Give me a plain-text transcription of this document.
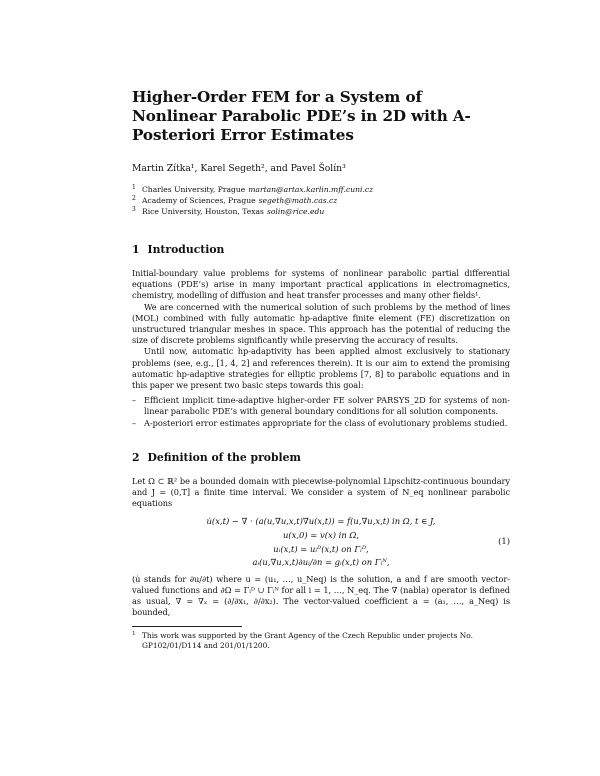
Higher-Order FEM for a System of Nonlinear Parabolic PDE’s in 2D with A-Posteriori Error Estimates
Martin Zítka¹, Karel Segeth², and Pavel Šolín³
1 Charles University, Prague martan@artax.karlin.mff.cuni.cz
2 Academy of Sciences, Prague segeth@math.cas.cz
3 Rice University, Houston, Texas solin@rice.edu
1 Introduction

Initial-boundary value problems for systems of nonlinear parabolic partial differential equations (PDE’s) arise in many important practical applications in electromagnetics, chemistry, modelling of diffusion and heat transfer processes and many other fields¹.

We are concerned with the numerical solution of such problems by the method of lines (MOL) combined with fully automatic hp-adaptive finite element (FE) discretization on unstructured triangular meshes in space. This approach has the potential of reducing the size of discrete problems significantly while preserving the accuracy of results.

Until now, automatic hp-adaptivity has been applied almost exclusively to stationary problems (see, e.g., [1, 4, 2] and references therein). It is our aim to extend the promising automatic hp-adaptive strategies for elliptic problems [7, 8] to parabolic equations and in this paper we present two basic steps towards this goal:

– Efficient implicit time-adaptive higher-order FE solver PARSYS_2D for systems of non-linear parabolic PDE’s with general boundary conditions for all solution components.
– A-posteriori error estimates appropriate for the class of evolutionary problems studied.
2 Definition of the problem

Let Ω ⊂ ℝ² be a bounded domain with piecewise-polynomial Lipschitz-continuous boundary and J = (0,T] a finite time interval. We consider a system of N_eq nonlinear parabolic equations

u̇(x,t) − ∇ · (a(u,∇u,x,t)∇u(x,t)) = f(u,∇u,x,t) in Ω, t ∈ J,
u(x,0) = v(x) in Ω,
uᵢ(x,t) = uᵢᴰ(x,t) on Γᵢᴰ,
aᵢ(u,∇u,x,t)∂uᵢ/∂n = gᵢ(x,t) on Γᵢᴺ,
(1)

(u̇ stands for ∂u/∂t) where u = (u₁, …, u_Neq) is the solution, a and f are smooth vector-valued functions and ∂Ω = Γᵢᴰ ∪ Γᵢᴺ for all i = 1, …, N_eq. The ∇ (nabla) operator is defined as usual, ∇ = ∇ₓ = (∂/∂x₁, ∂/∂x₂). The vector-valued coefficient a = (a₁, …, a_Neq) is bounded,

1 This work was supported by the Grant Agency of the Czech Republic under projects No. GP102/01/D114 and 201/01/1200.
